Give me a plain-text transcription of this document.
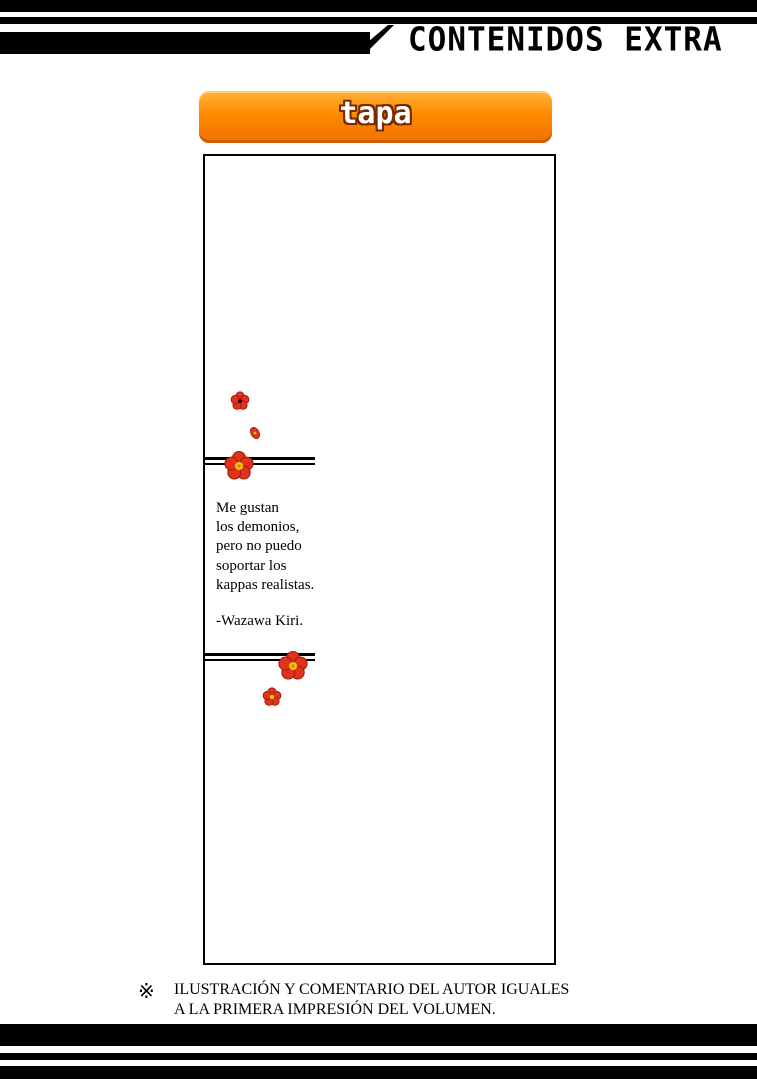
CONTENIDOS EXTRA
tapa

Me gustan

los demonios,

pero no puedo

soportar los

kappas realistas.

-Wazawa Kiri.
※ ILUSTRACIÓN Y COMENTARIO DEL AUTOR IGUALES

A LA PRIMERA IMPRESIÓN DEL VOLUMEN.
